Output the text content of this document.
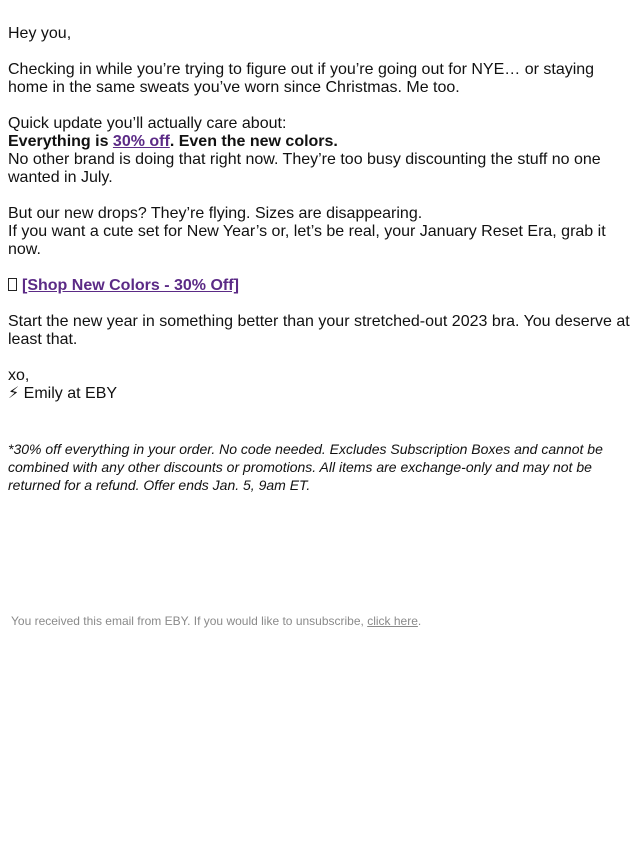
Hey you,

Checking in while you’re trying to figure out if you’re going out for NYE… or staying home in the same sweats you’ve worn since Christmas. Me too.

Quick update you’ll actually care about:
Everything is 30% off. Even the new colors.
No other brand is doing that right now. They’re too busy discounting the stuff no one wanted in July.
But our new drops? They’re flying. Sizes are disappearing.
If you want a cute set for New Year’s or, let’s be real, your January Reset Era, grab it now.
[Shop New Colors - 30% Off]

Start the new year in something better than your stretched-out 2023 bra. You deserve at least that.

xo,
⚡ Emily at EBY

*30% off everything in your order. No code needed. Excludes Subscription Boxes and cannot be combined with any other discounts or promotions. All items are exchange-only and may not be returned for a refund. Offer ends Jan. 5, 9am ET.

You received this email from EBY. If you would like to unsubscribe, click here.
